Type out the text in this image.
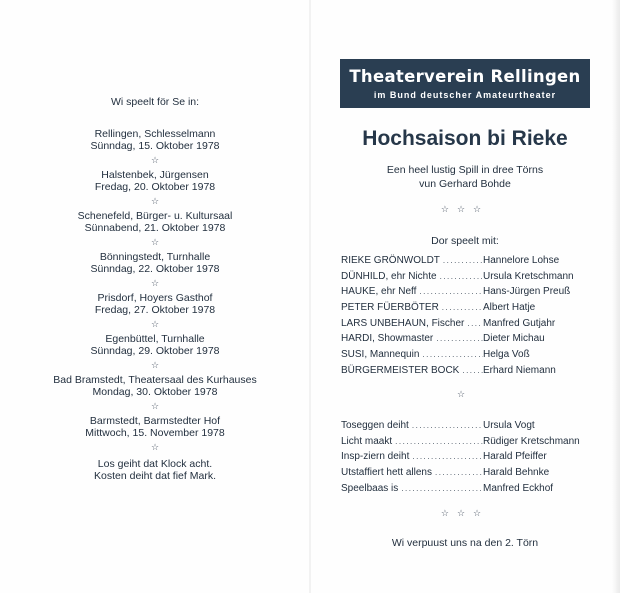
Wi speelt för Se in:
Rellingen, Schlesselmann
Sünndag, 15. Oktober 1978
☆
Halstenbek, Jürgensen
Fredag, 20. Oktober 1978
☆
Schenefeld, Bürger- u. Kultursaal
Sünnabend, 21. Oktober 1978
☆
Bönningstedt, Turnhalle
Sünndag, 22. Oktober 1978
☆
Prisdorf, Hoyers Gasthof
Fredag, 27. Oktober 1978
☆
Egenbüttel, Turnhalle
Sünndag, 29. Oktober 1978
☆
Bad Bramstedt, Theatersaal des Kurhauses
Mondag, 30. Oktober 1978
☆
Barmstedt, Barmstedter Hof
Mittwoch, 15. November 1978
☆
Los geiht dat Klock acht.
Kosten deiht dat fief Mark.
Theaterverein Rellingen
im Bund deutscher Amateurtheater
Hochsaison bi Rieke
Een heel lustig Spill in dree Törns
vun Gerhard Bohde
☆☆☆
Dor speelt mit:
RIEKE GRÖNWOLDT .....	Hannelore Lohse
DÜNHILD, ehr Nichte .....	Ursula Kretschmann
HAUKE, ehr Neff .....	Hans-Jürgen Preuß
PETER FÜERBÖTER .....	Albert Hatje
LARS UNBEHAUN, Fischer ..... Manfred Gutjahr
HARDI, Showmaster .....	Dieter Michau
SUSI, Mannequin .....	Helga Voß
BÜRGERMEISTER BOCK ..... Erhard Niemann
☆
Toseggen deiht .....	Ursula Vogt
Licht maakt .....	Rüdiger Kretschmann
Insp-ziern deiht .....	Harald Pfeiffer
Utstaffiert hett allens .....	Harald Behnke
Speelbaas is .....	Manfred Eckhof
☆☆☆
Wi verpuust uns na den 2. Törn
